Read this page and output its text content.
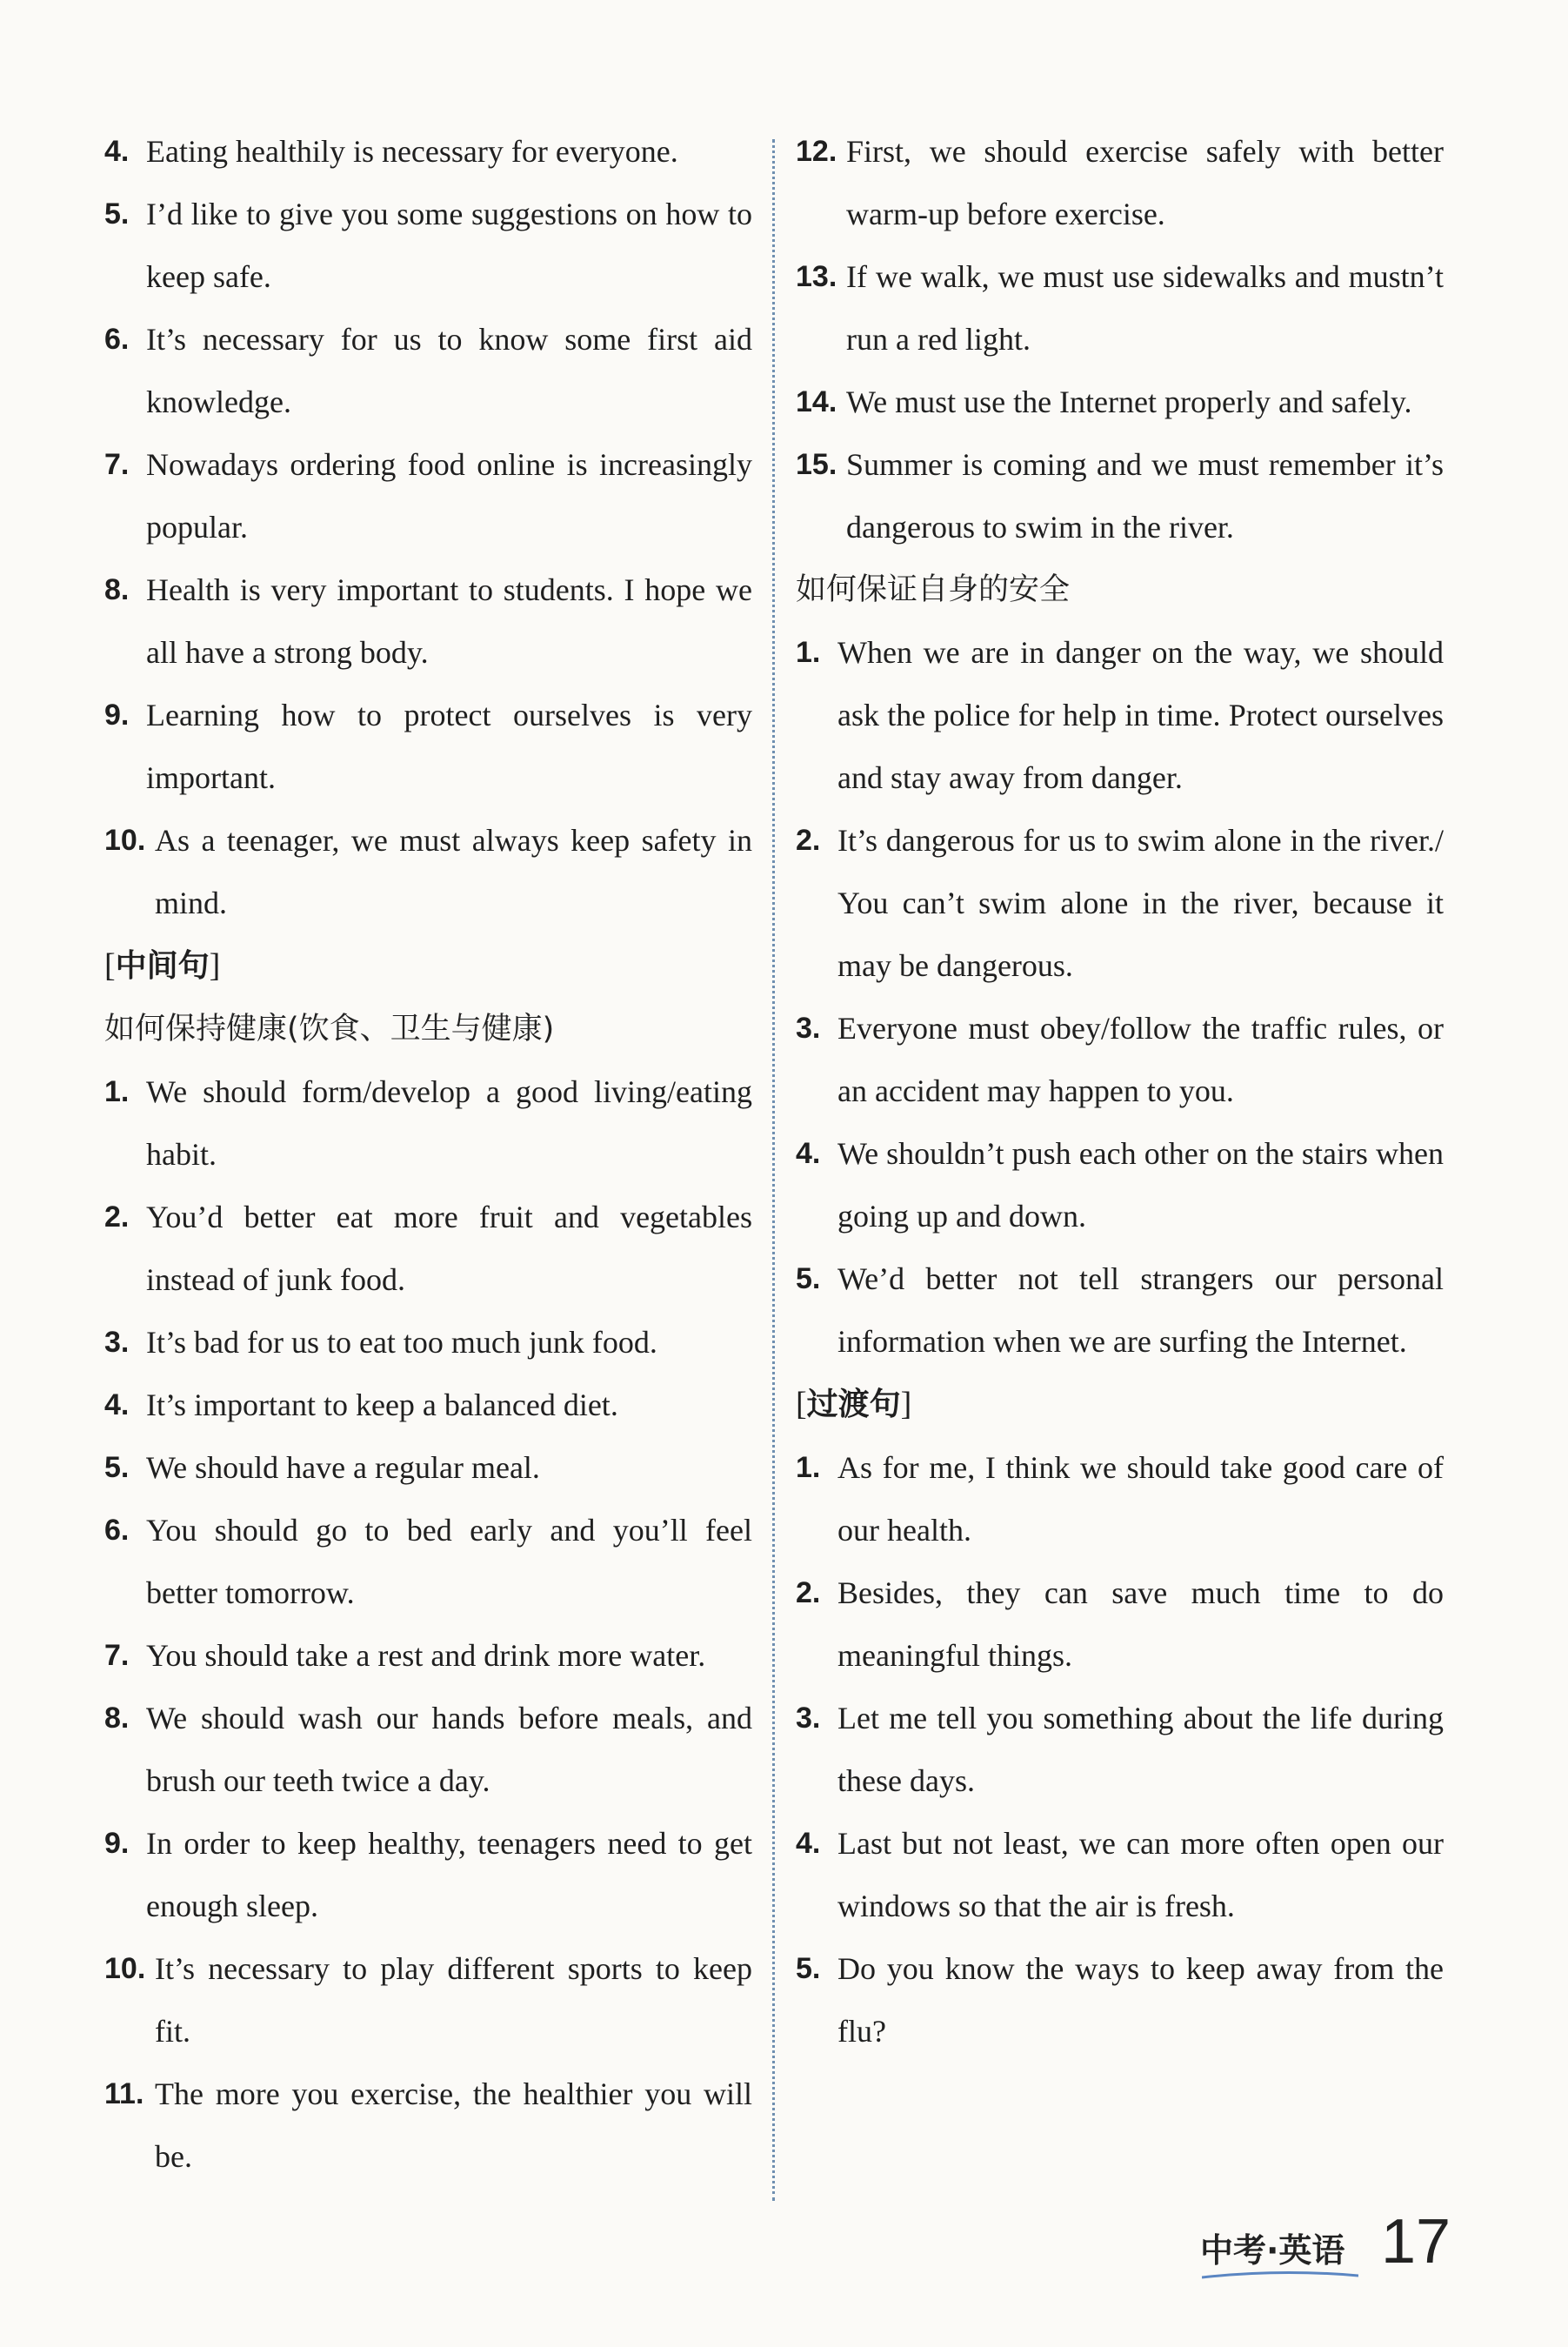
4. Eating healthily is necessary for everyone.
5. I’d like to give you some suggestions on how to keep safe.
6. It’s necessary for us to know some first aid knowledge.
7. Nowadays ordering food online is increasingly popular.
8. Health is very important to students. I hope we all have a strong body.
9. Learning how to protect ourselves is very important.
10. As a teenager, we must always keep safety in mind.
[中间句]
如何保持健康(饮食、卫生与健康)
1. We should form/develop a good living/eating habit.
2. You’d better eat more fruit and vegetables instead of junk food.
3. It’s bad for us to eat too much junk food.
4. It’s important to keep a balanced diet.
5. We should have a regular meal.
6. You should go to bed early and you’ll feel better tomorrow.
7. You should take a rest and drink more water.
8. We should wash our hands before meals, and brush our teeth twice a day.
9. In order to keep healthy, teenagers need to get enough sleep.
10. It’s necessary to play different sports to keep fit.
11. The more you exercise, the healthier you will be.
12. First, we should exercise safely with better warm-up before exercise.
13. If we walk, we must use sidewalks and mustn’t run a red light.
14. We must use the Internet properly and safely.
15. Summer is coming and we must remember it’s dangerous to swim in the river.
如何保证自身的安全
1. When we are in danger on the way, we should ask the police for help in time. Protect ourselves and stay away from danger.
2. It’s dangerous for us to swim alone in the river./ You can’t swim alone in the river, because it may be dangerous.
3. Everyone must obey/follow the traffic rules, or an accident may happen to you.
4. We shouldn’t push each other on the stairs when going up and down.
5. We’d better not tell strangers our personal information when we are surfing the Internet.
[过渡句]
1. As for me, I think we should take good care of our health.
2. Besides, they can save much time to do meaningful things.
3. Let me tell you something about the life during these days.
4. Last but not least, we can more often open our windows so that the air is fresh.
5. Do you know the ways to keep away from the flu?
中考·英语 17
